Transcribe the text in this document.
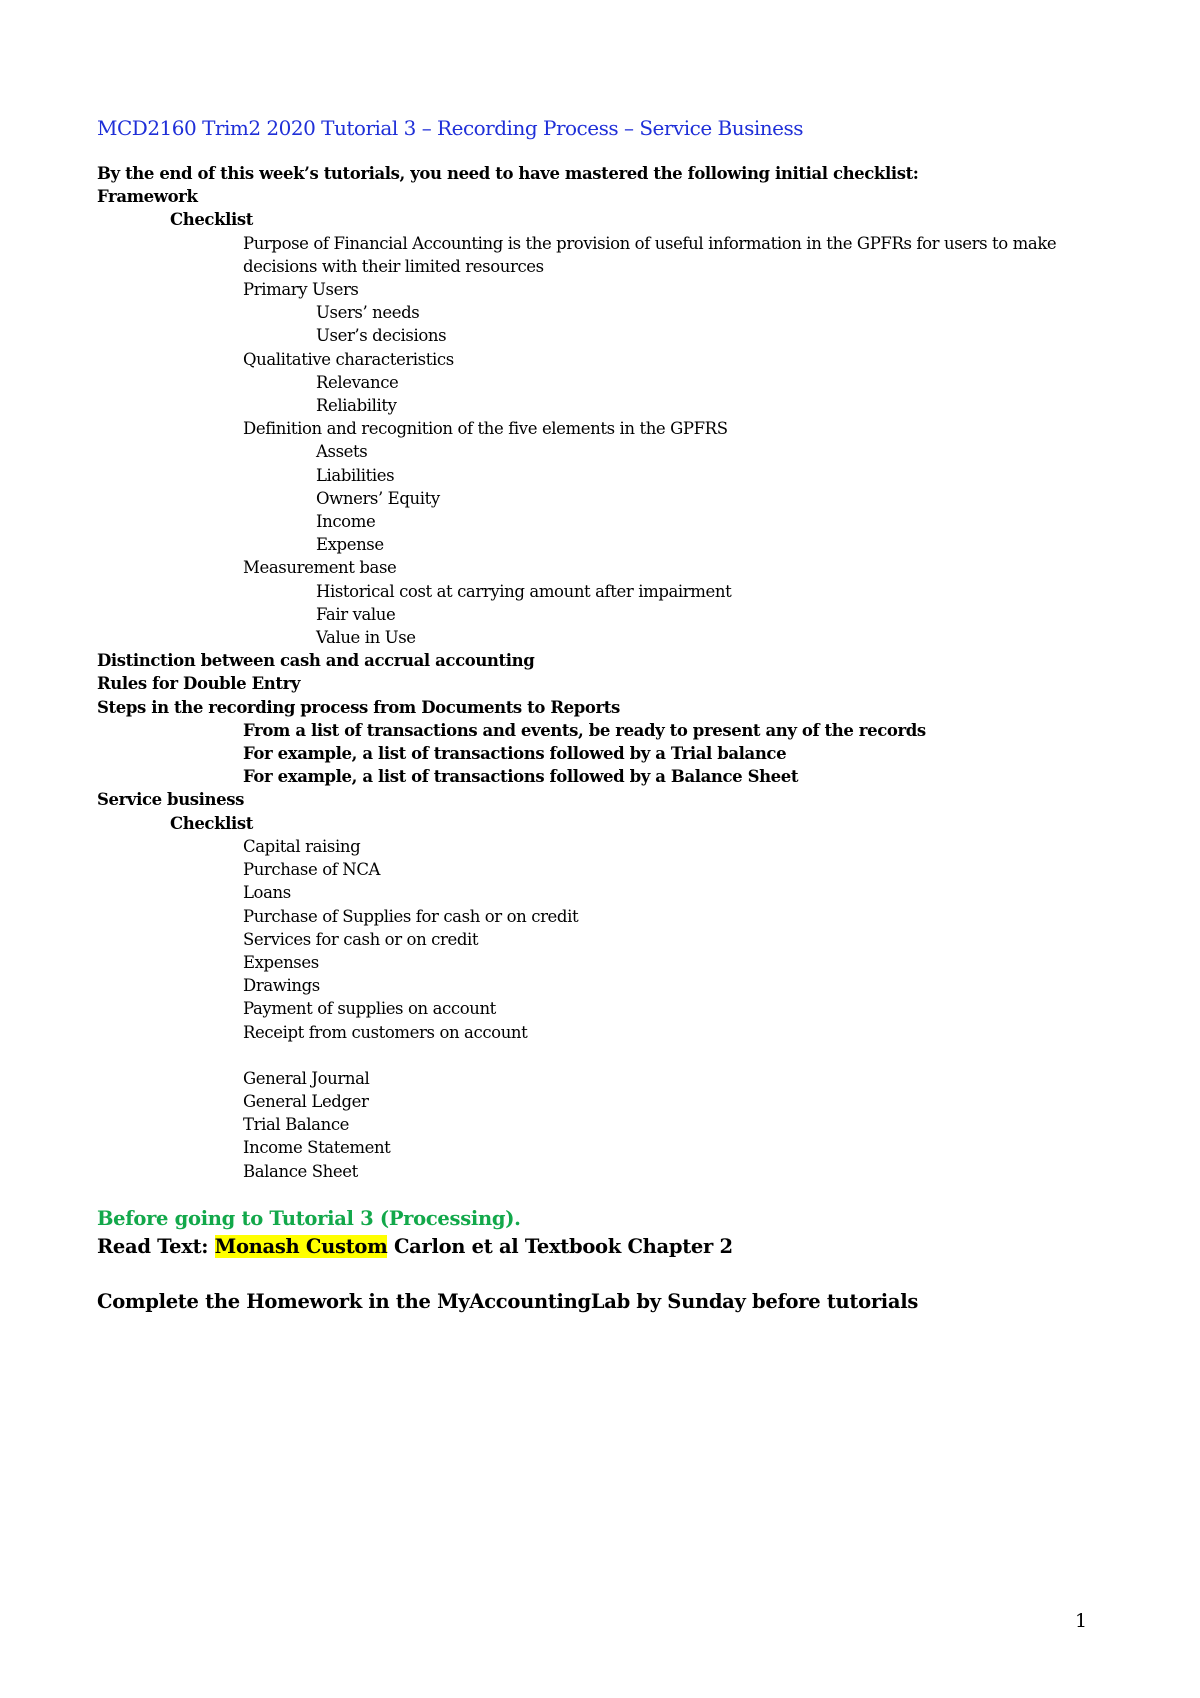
MCD2160 Trim2 2020 Tutorial 3 – Recording Process – Service Business
By the end of this week’s tutorials, you need to have mastered the following initial checklist:
Framework
Checklist
Purpose of Financial Accounting is the provision of useful information in the GPFRs for users to make decisions with their limited resources
Primary Users
Users’ needs
User’s decisions
Qualitative characteristics
Relevance
Reliability
Definition and recognition of the five elements in the GPFRS
Assets
Liabilities
Owners’ Equity
Income
Expense
Measurement base
Historical cost at carrying amount after impairment
Fair value
Value in Use
Distinction between cash and accrual accounting
Rules for Double Entry
Steps in the recording process from Documents to Reports
From a list of transactions and events, be ready to present any of the records
For example, a list of transactions followed by a Trial balance
For example, a list of transactions followed by a Balance Sheet
Service business
Checklist
Capital raising
Purchase of NCA
Loans
Purchase of Supplies for cash or on credit
Services for cash or on credit
Expenses
Drawings
Payment of supplies on account
Receipt from customers on account
General Journal
General Ledger
Trial Balance
Income Statement
Balance Sheet
Before going to Tutorial 3 (Processing).
Read Text: Monash Custom Carlon et al Textbook Chapter 2
Complete the Homework in the MyAccountingLab by Sunday before tutorials
1
